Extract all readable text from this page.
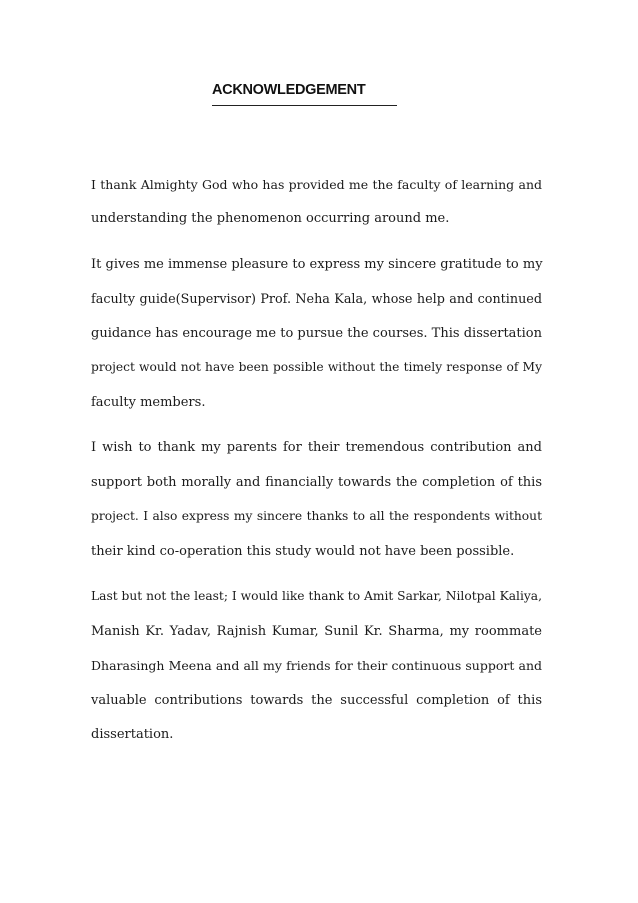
ACKNOWLEDGEMENT
I thank Almighty God who has provided me the faculty of learning and
understanding the phenomenon occurring around me.
It gives me immense pleasure to express my sincere gratitude to my
faculty guide(Supervisor) Prof. Neha Kala, whose help and continued
guidance has encourage me to pursue the courses. This dissertation
project would not have been possible without the timely response of My
faculty members.
I wish to thank my parents for their tremendous contribution and
support both morally and financially towards the completion of this
project. I also express my sincere thanks to all the respondents without
their kind co-operation this study would not have been possible.
Last but not the least; I would like thank to Amit Sarkar, Nilotpal Kaliya,
Manish Kr. Yadav, Rajnish Kumar, Sunil Kr. Sharma, my roommate
Dharasingh Meena and all my friends for their continuous support and
valuable contributions towards the successful completion of this
dissertation.
